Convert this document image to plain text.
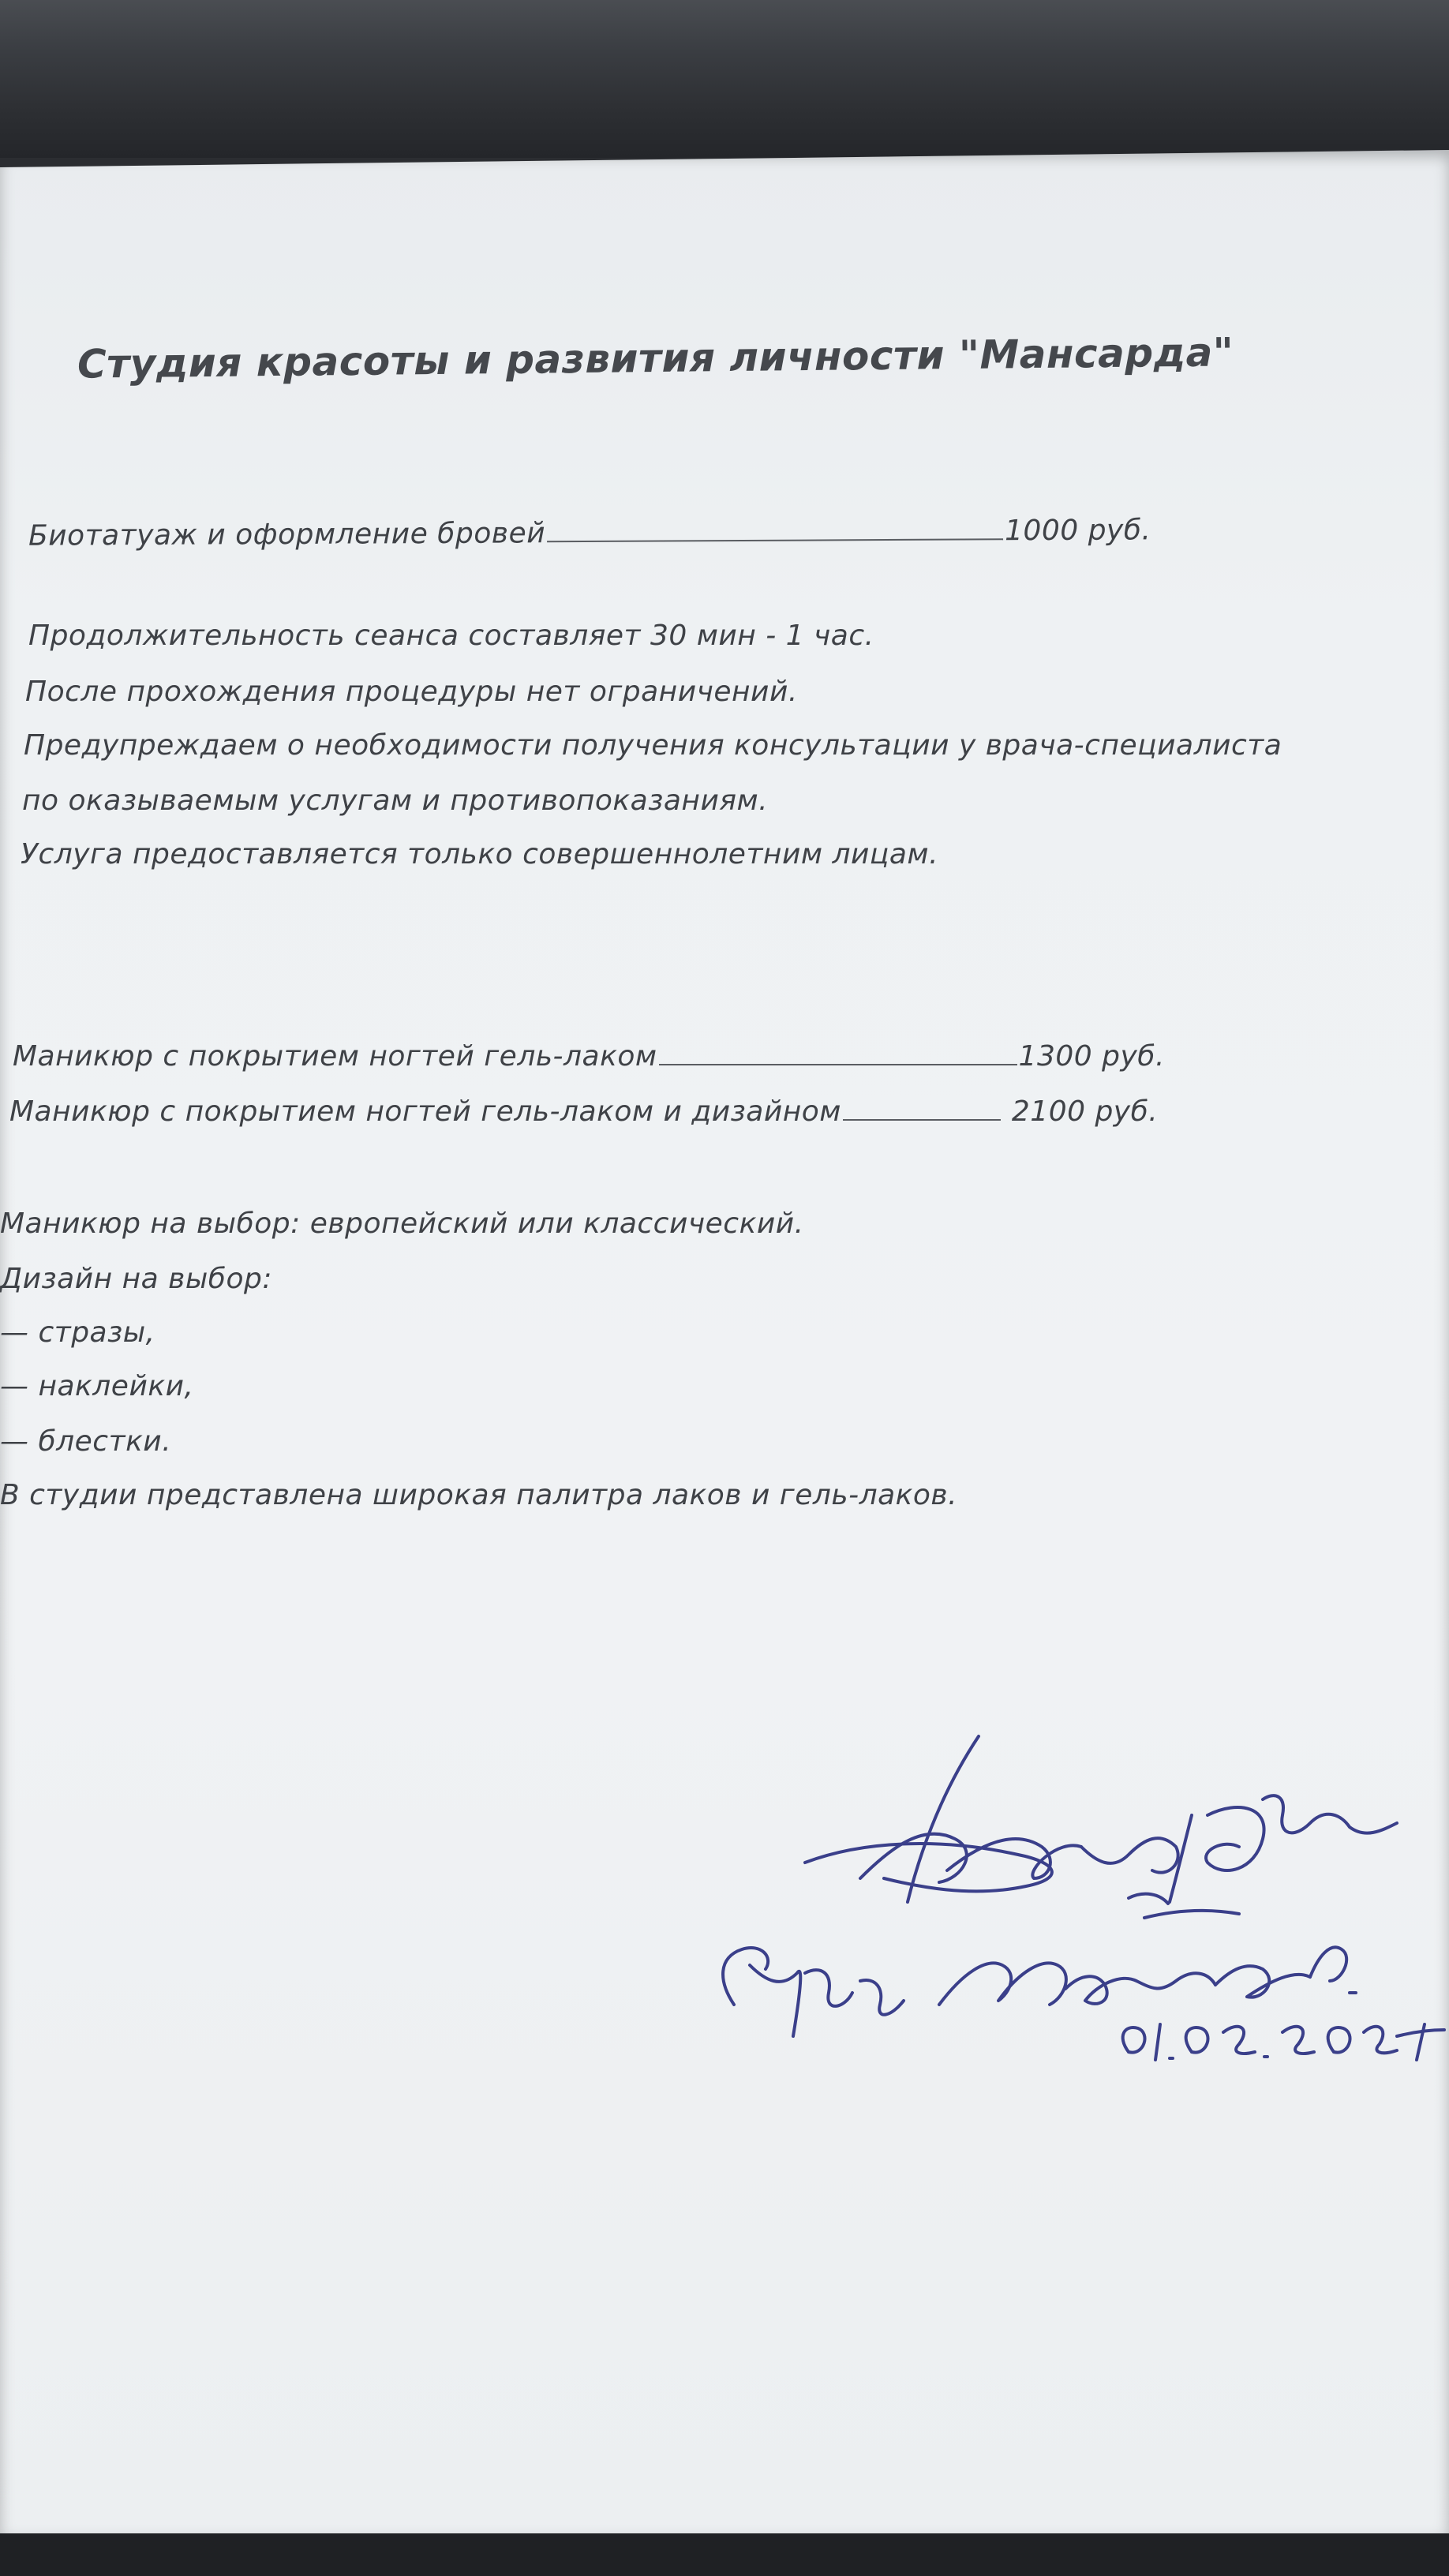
Студия красоты и развития личности "Мансарда"

Биотатуаж и оформление бровей	1000 руб.

Продолжительность сеанса составляет 30 мин - 1 час.

После прохождения процедуры нет ограничений.

Предупреждаем о необходимости получения консультации у врача-специалиста

по оказываемым услугам и противопоказаниям.

Услуга предоставляется только совершеннолетним лицам.

Маникюр с покрытием ногтей гель-лаком	1300 руб.

Маникюр с покрытием ногтей гель-лаком и дизайном	2100 руб.

Маникюр на выбор: европейский или классический.

Дизайн на выбор:

— стразы,

— наклейки,

— блестки.

В студии представлена широкая палитра лаков и гель-лаков.
